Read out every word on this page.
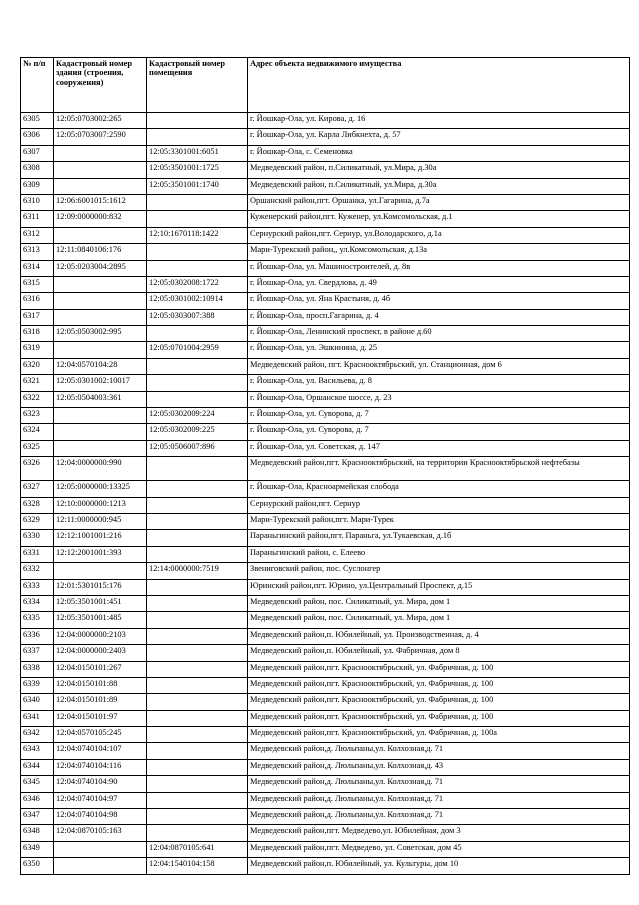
№ п/п	Кадастровый номер здания (строения, сооружения)	Кадастровый номер помещения	Адрес объекта недвижимого имущества
6305	12:05:0703002:265		г. Йошкар-Ола, ул. Кирова, д. 16
6306	12:05:0703007:2590		г. Йошкар-Ола, ул. Карла Либкнехта, д. 57
6307		12:05:3301001:6051	г. Йошкар-Ола, с. Семеновка
6308		12:05:3501001:1725	Медведевский район, п.Силикатный, ул.Мира, д.30а
6309		12:05:3501001:1740	Медведевский район, п.Силикатный, ул.Мира, д.30а
6310	12:06:6001015:1612		Оршанский район,пгт. Оршанка, ул.Гагарина, д.7а
6311	12:09:0000000:832		Куженерский район,пгт. Куженер, ул.Комсомольская, д.1
6312		12:10:1670118:1422	Сернурский район,пгт. Сернур, ул.Володарского, д.1а
6313	12:11:0840106:176		Мари-Турекский район,, ул.Комсомольская, д.13а
6314	12:05:0203004:2895		г. Йошкар-Ола, ул. Машиностроителей, д. 8в
6315		12:05:0302008:1722	г. Йошкар-Ола, ул. Свердлова, д. 49
6316		12:05:0301002:10914	г. Йошкар-Ола, ул. Яна Крастыня, д. 4б
6317		12:05:0303007:388	г. Йошкар-Ола, просп.Гагарина, д. 4
6318	12:05:0503002:995		г. Йошкар-Ола, Ленинский проспект, в районе д.60
6319		12:05:0701004:2959	г. Йошкар-Ола, ул. Эшкинина, д. 25
6320	12:04:0570104:28		Медведевский район, пгт. Краснооктябрьский, ул. Станционная, дом 6
6321	12:05:0301002:10017		г. Йошкар-Ола, ул. Васильева, д. 8
6322	12:05:0504003:361		г. Йошкар-Ола, Оршанское шоссе, д. 23
6323		12:05:0302009:224	г. Йошкар-Ола, ул. Суворова, д. 7
6324		12:05:0302009:225	г. Йошкар-Ола, ул. Суворова, д. 7
6325		12:05:0506007:896	г. Йошкар-Ола, ул. Советская, д. 147
6326	12:04:0000000:990		Медведевский район,пгт. Краснооктябрьский, на территории Краснооктябрьской нефтебазы
6327	12:05:0000000:13325		г. Йошкар-Ола, Красноармейская слобода
6328	12:10:0000000:1213		Сернурский район,пгт. Сернур
6329	12:11:0000000:945		Мари-Турекский район,пгт. Мари-Турек
6330	12:12:1001001:216		Параньгинский район,пгт. Параньга, ул.Тукаевская, д.1б
6331	12:12:2001001:393		Параньгинский район, с. Елеево
6332		12:14:0000000:7519	Звениговский район, пос. Суслонгер
6333	12:01:5301015:176		Юринский район,пгт. Юрино, ул.Центральный Проспект, д.15
6334	12:05:3501001:451		Медведевский район, пос. Силикатный, ул. Мира, дом 1
6335	12:05:3501001:485		Медведевский район, пос. Силикатный, ул. Мира, дом 1
6336	12:04:0000000:2103		Медведевский район,п. Юбилейный, ул. Производственная, д. 4
6337	12:04:0000000:2403		Медведевский район,п. Юбилейный, ул. Фабричная, дом 8
6338	12:04:0150101:267		Медведевский район,пгт. Краснооктябрьский, ул. Фабричная, д. 100
6339	12:04:0150101:88		Медведевский район,пгт. Краснооктябрьский, ул. Фабричная, д. 100
6340	12:04:0150101:89		Медведевский район,пгт. Краснооктябрьский, ул. Фабричная, д. 100
6341	12:04:0150101:97		Медведевский район,пгт. Краснооктябрьский, ул. Фабричная, д. 100
6342	12:04:0570105:245		Медведевский район,пгт. Краснооктябрьский, ул. Фабричная, д. 100а
6343	12:04:0740104:107		Медведевский район,д. Люльпаны,ул. Колхозная,д. 71
6344	12:04:0740104:116		Медведевский район,д. Люльпаны,ул. Колхозная,д. 43
6345	12:04:0740104:90		Медведевский район,д. Люльпаны,ул. Колхозная,д. 71
6346	12:04:0740104:97		Медведевский район,д. Люльпаны,ул. Колхозная,д. 71
6347	12:04:0740104:98		Медведевский район,д. Люльпаны,ул. Колхозная,д. 71
6348	12:04:0870105:163		Медведевский район,пгт. Медведево,ул. Юбилейная, дом 3
6349		12:04:0870105:641	Медведевский район,пгт. Медведево, ул. Советская, дом 45
6350		12:04:1540104:158	Медведевский район,п. Юбилейный, ул. Культуры, дом 10
